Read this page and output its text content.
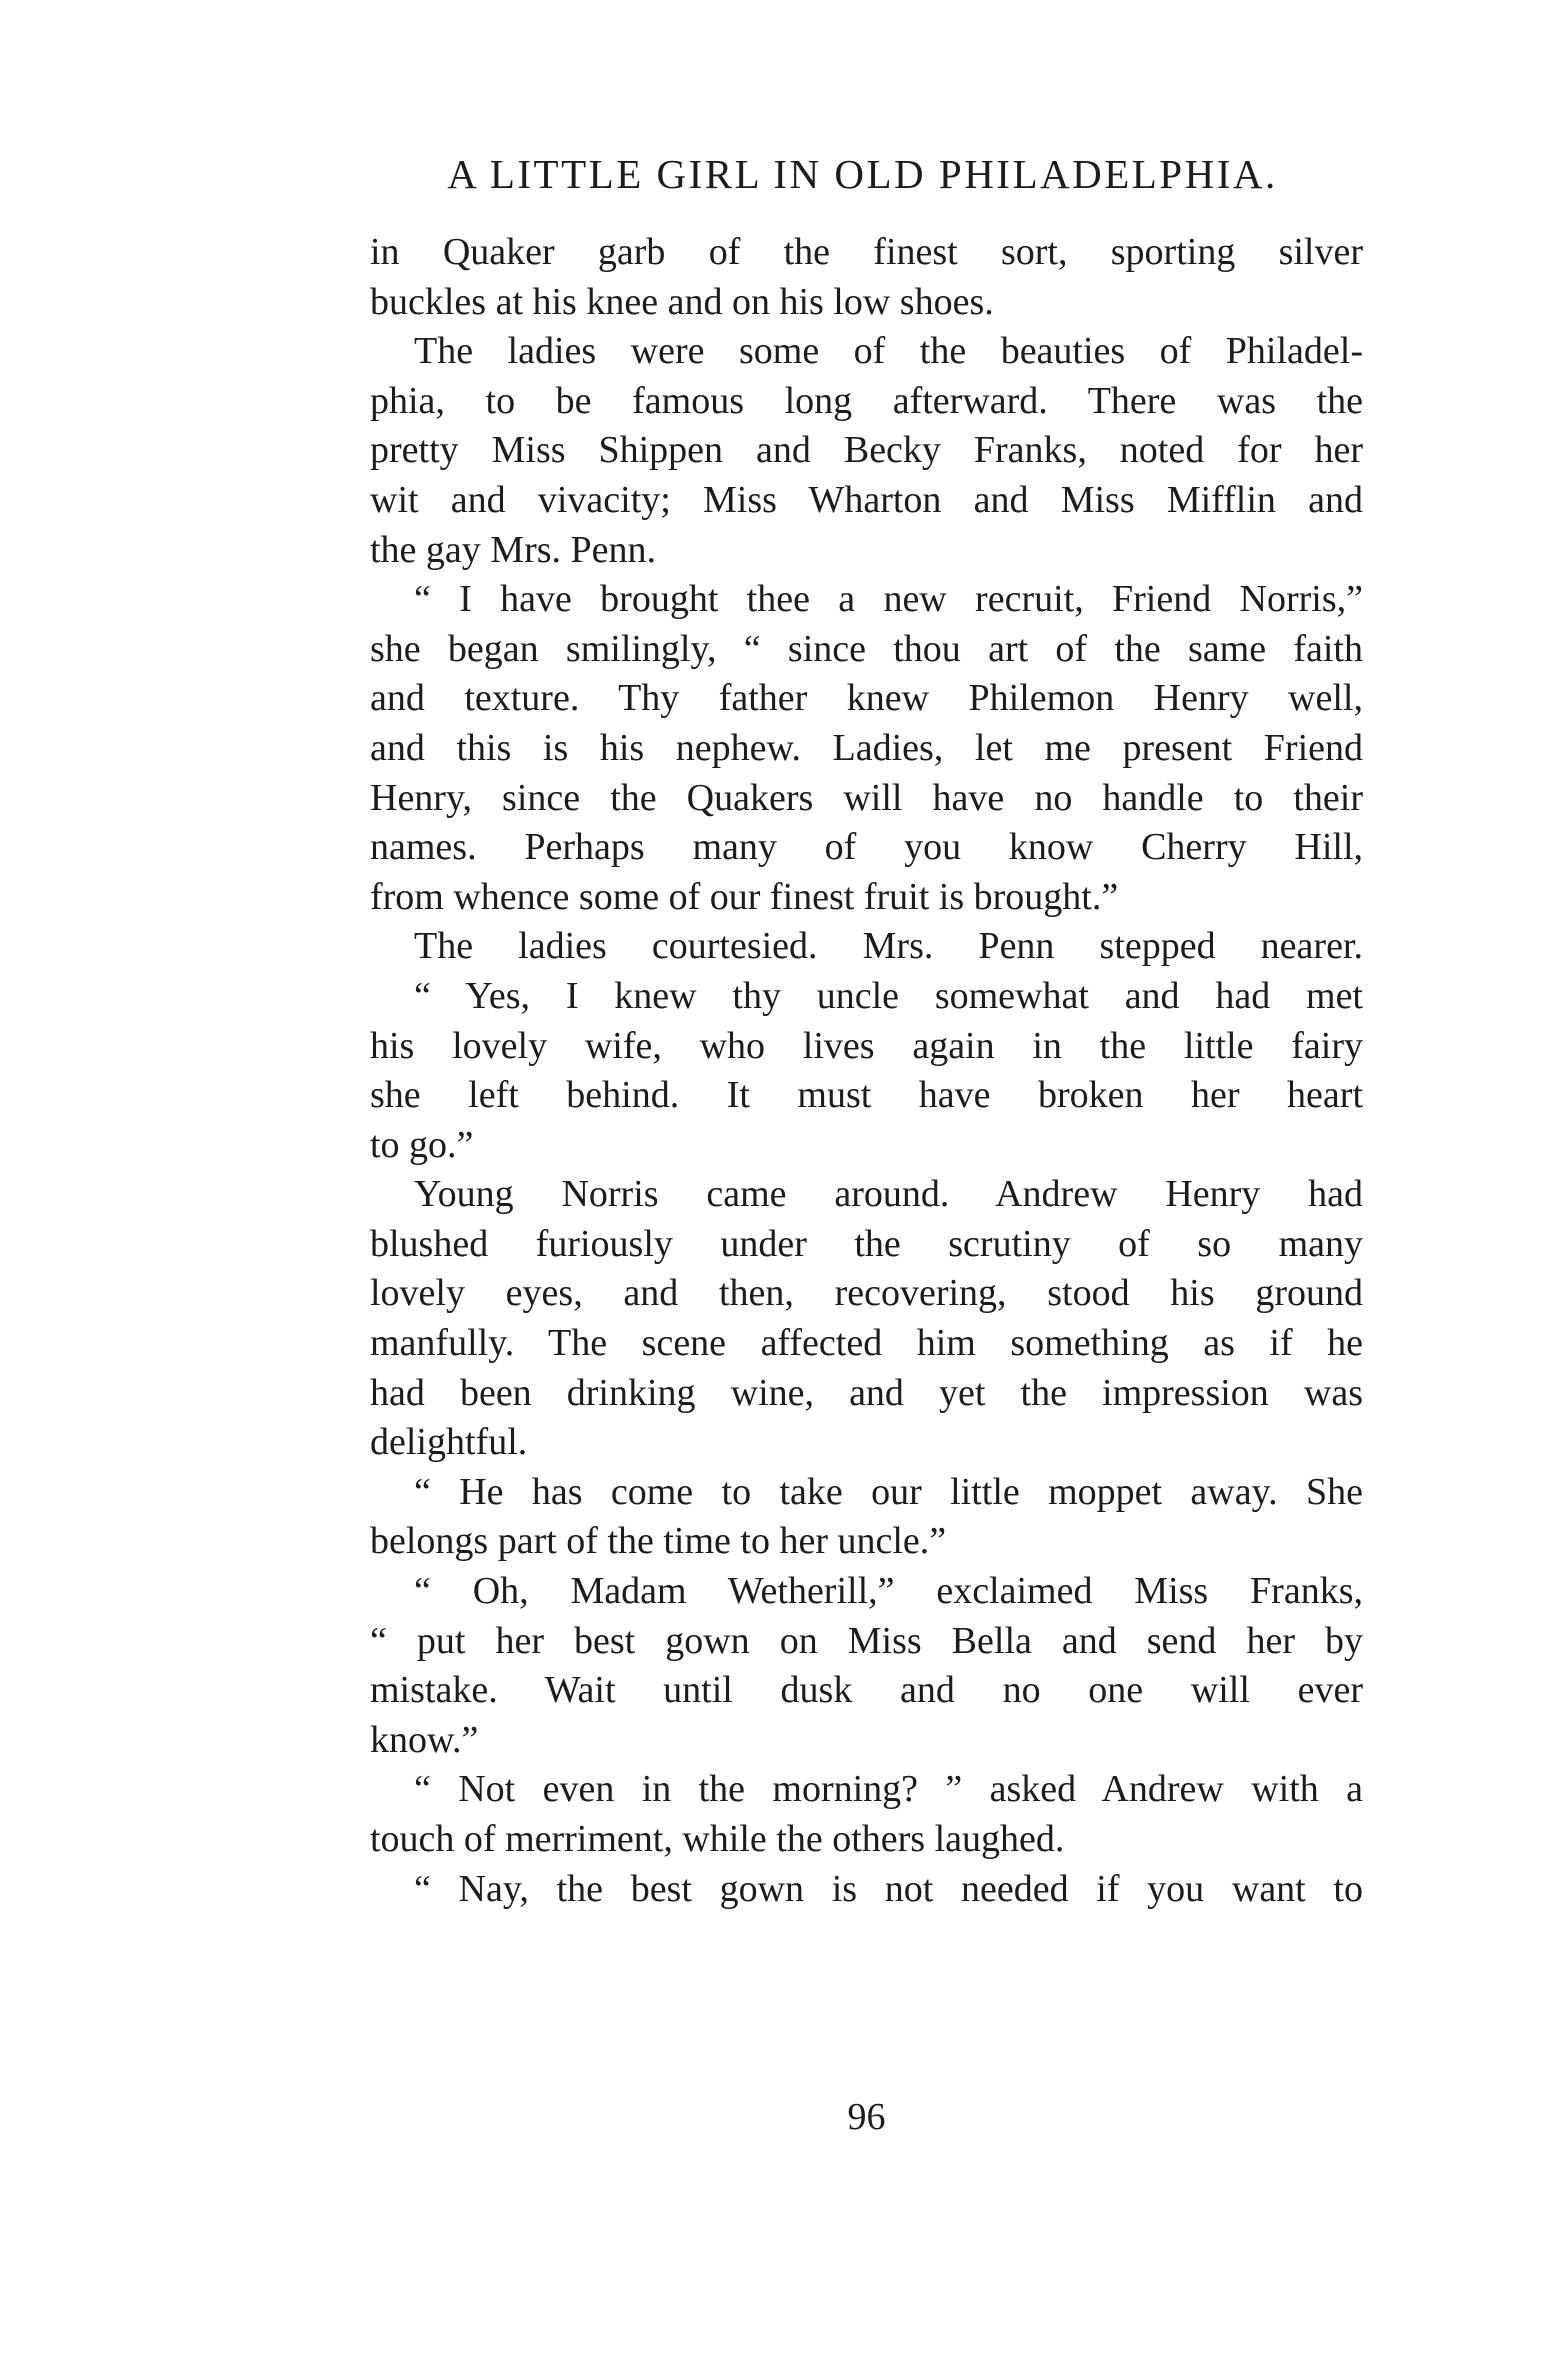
A LITTLE GIRL IN OLD PHILADELPHIA.
in Quaker garb of the finest sort, sporting silver
buckles at his knee and on his low shoes.
The ladies were some of the beauties of Philadel-
phia, to be famous long afterward. There was the
pretty Miss Shippen and Becky Franks, noted for her
wit and vivacity; Miss Wharton and Miss Mifflin and
the gay Mrs. Penn.
“ I have brought thee a new recruit, Friend Norris,”
she began smilingly, “ since thou art of the same faith
and texture. Thy father knew Philemon Henry well,
and this is his nephew. Ladies, let me present Friend
Henry, since the Quakers will have no handle to their
names. Perhaps many of you know Cherry Hill,
from whence some of our finest fruit is brought.”
The ladies courtesied. Mrs. Penn stepped nearer.
“ Yes, I knew thy uncle somewhat and had met
his lovely wife, who lives again in the little fairy
she left behind. It must have broken her heart
to go.”
Young Norris came around. Andrew Henry had
blushed furiously under the scrutiny of so many
lovely eyes, and then, recovering, stood his ground
manfully. The scene affected him something as if he
had been drinking wine, and yet the impression was
delightful.
“ He has come to take our little moppet away. She
belongs part of the time to her uncle.”
“ Oh, Madam Wetherill,” exclaimed Miss Franks,
“ put her best gown on Miss Bella and send her by
mistake. Wait until dusk and no one will ever
know.”
“ Not even in the morning? ” asked Andrew with a
touch of merriment, while the others laughed.
“ Nay, the best gown is not needed if you want to
96
